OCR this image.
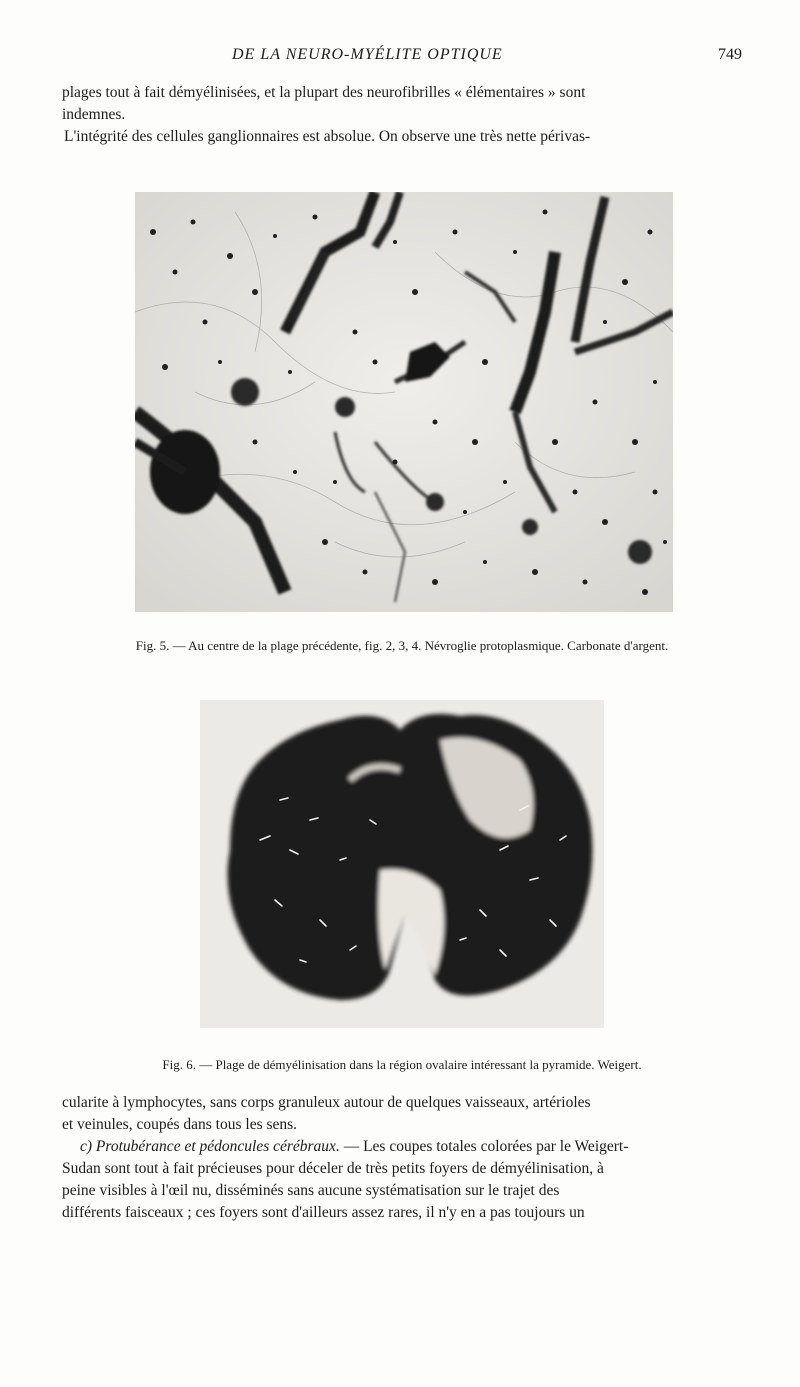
DE LA NEURO-MYÉLITE OPTIQUE	749
plages tout à fait démyélinisées, et la plupart des neurofibrilles « élémentaires » sont
indemnes.
L'intégrité des cellules ganglionnaires est absolue. On observe une très nette périvas-

Fig. 5. — Au centre de la plage précédente, fig. 2, 3, 4. Névroglie protoplasmique. Carbonate d'argent.

Fig. 6. — Plage de démyélinisation dans la région ovalaire intéressant la pyramide. Weigert.

cularite à lymphocytes, sans corps granuleux autour de quelques vaisseaux, artérioles
et veinules, coupés dans tous les sens.
c) Protubérance et pédoncules cérébraux. — Les coupes totales colorées par le Weigert-
Sudan sont tout à fait précieuses pour déceler de très petits foyers de démyélinisation, à
peine visibles à l'œil nu, disséminés sans aucune systématisation sur le trajet des
différents faisceaux ; ces foyers sont d'ailleurs assez rares, il n'y en a pas toujours un
